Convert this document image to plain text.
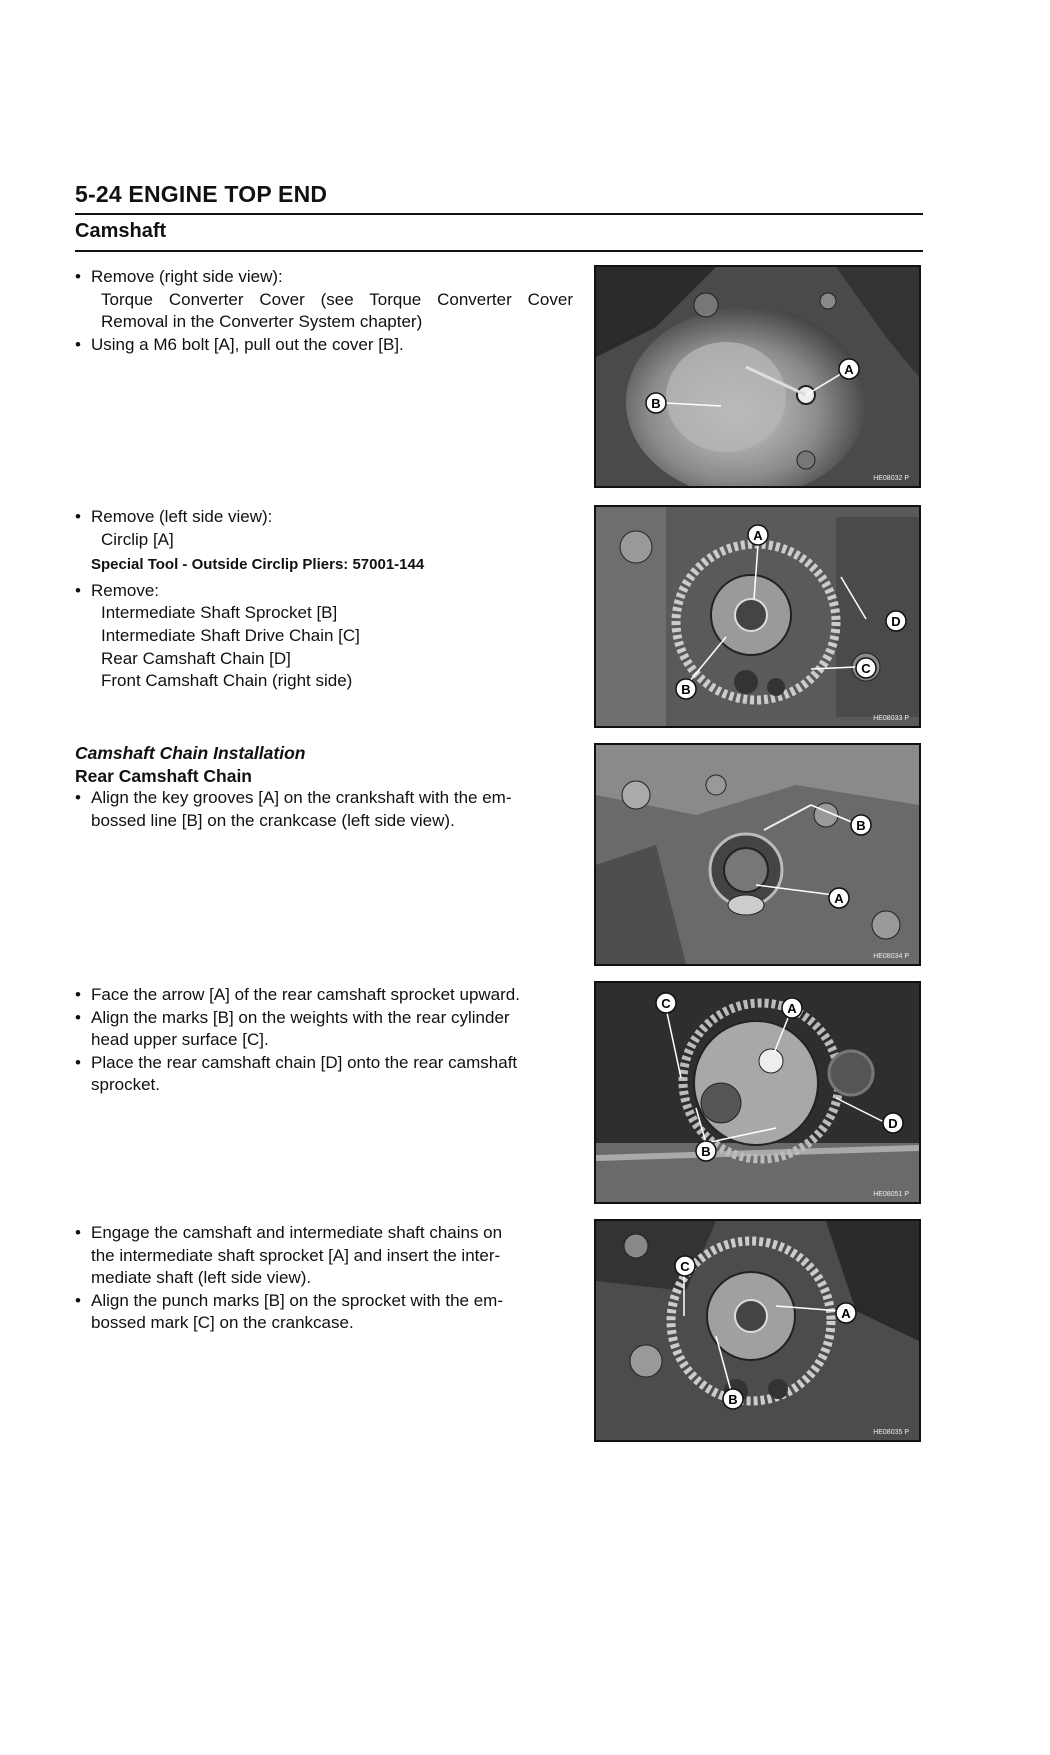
5-24 ENGINE TOP END
Camshaft
• Remove (right side view):
Torque Converter Cover (see Torque Converter Cover
Removal in the Converter System chapter)
• Using a M6 bolt [A], pull out the cover [B].
• Remove (left side view):
Circlip [A]
Special Tool - Outside Circlip Pliers: 57001-144
• Remove:
Intermediate Shaft Sprocket [B]
Intermediate Shaft Drive Chain [C]
Rear Camshaft Chain [D]
Front Camshaft Chain (right side)
Camshaft Chain Installation
Rear Camshaft Chain
• Align the key grooves [A] on the crankshaft with the em-
bossed line [B] on the crankcase (left side view).
• Face the arrow [A] of the rear camshaft sprocket upward.
• Align the marks [B] on the weights with the rear cylinder
head upper surface [C].
• Place the rear camshaft chain [D] onto the rear camshaft
sprocket.
• Engage the camshaft and intermediate shaft chains on
the intermediate shaft sprocket [A] and insert the inter-
mediate shaft (left side view).
• Align the punch marks [B] on the sprocket with the em-
bossed mark [C] on the crankcase.
A
B
HE08032 P
A
B
C
D
HE08033 P
A
B
HE08034 P
A
B
C
D
HE08051 P
A
B
C
HE08035 P
